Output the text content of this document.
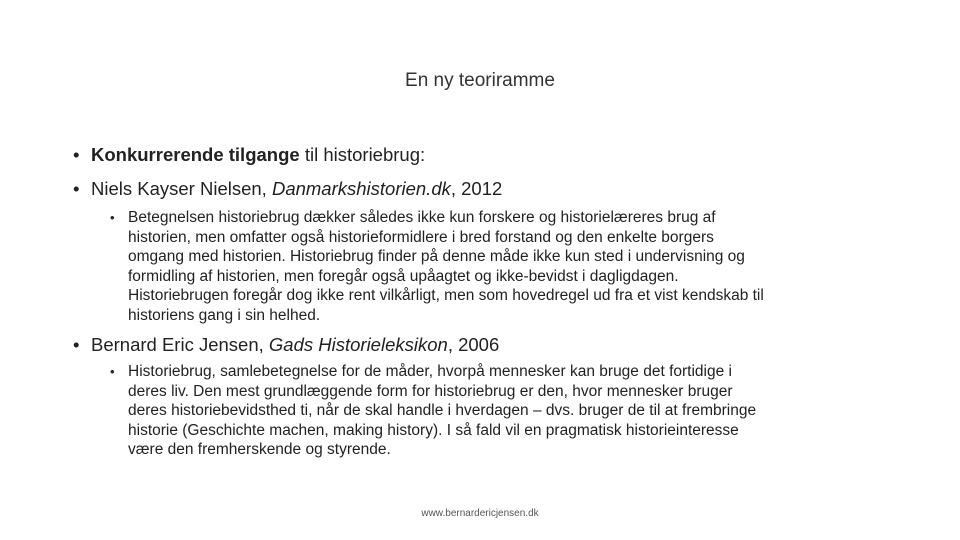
En ny teoriramme
• Konkurrerende tilgange til historiebrug:
• Niels Kayser Nielsen, Danmarkshistorien.dk, 2012
• Betegnelsen historiebrug dækker således ikke kun forskere og historielæreres brug af
historien, men omfatter også historieformidlere i bred forstand og den enkelte borgers
omgang med historien. Historiebrug finder på denne måde ikke kun sted i undervisning og
formidling af historien, men foregår også upåagtet og ikke-bevidst i dagligdagen.
Historiebrugen foregår dog ikke rent vilkårligt, men som hovedregel ud fra et vist kendskab til
historiens gang i sin helhed.
• Bernard Eric Jensen, Gads Historieleksikon, 2006
• Historiebrug, samlebetegnelse for de måder, hvorpå mennesker kan bruge det fortidige i
deres liv. Den mest grundlæggende form for historiebrug er den, hvor mennesker bruger
deres historiebevidsthed ti, når de skal handle i hverdagen – dvs. bruger de til at frembringe
historie (Geschichte machen, making history). I så fald vil en pragmatisk historieinteresse
være den fremherskende og styrende.
www.bernardericjensen.dk
